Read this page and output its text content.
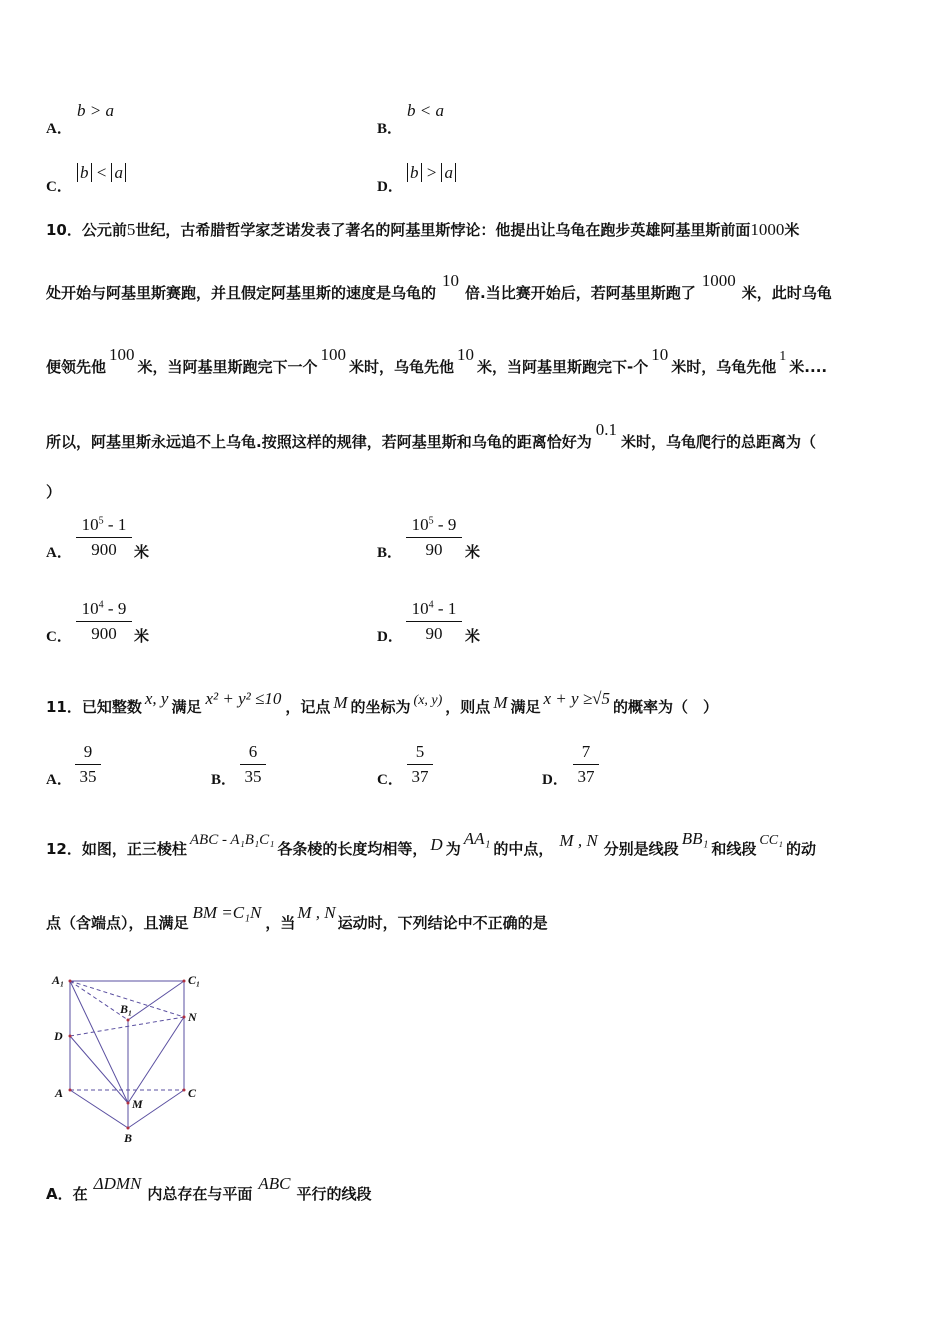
A．
b > a
B．
b < a
C．
b < a
D．
b > a
10．公元前5世纪，古希腊哲学家芝诺发表了著名的阿基里斯悖论：他提出让乌龟在跑步英雄阿基里斯前面1000米
处开始与阿基里斯赛跑，并且假定阿基里斯的速度是乌龟的10倍.当比赛开始后，若阿基里斯跑了1000米，此时乌龟
便领先他100米，当阿基里斯跑完下一个100米时，乌龟先他10米，当阿基里斯跑完下-个10米时，乌龟先他1米....
所以，阿基里斯永远追不上乌龟.按照这样的规律，若阿基里斯和乌龟的距离恰好为0.1米时，乌龟爬行的总距离为（
）
A．
$10^5 - 1$
900	米	B．
$10^5 - 9$
90	米
C．
$10^4 - 9$
900	米	D．
$10^4 - 1$
90	米
11．已知整数 x, y 满足 x² + y² ≤10 ，记点 M 的坐标为 (x, y) ，则点 M 满足 x + y ≥√5 的概率为（　）
A．
9
35	B．
6
35	C．
5
37	D．
7
37
12．如图，正三棱柱 ABC - A₁B₁C₁ 各条棱的长度均相等， D 为AA₁的中点， M , N 分别是线段BB₁和线段 CC₁ 的动
点（含端点），且满足BM =C₁N，当M , N运动时，下列结论中不正确的是
A₁	C₁
B₁
N
D
A	C
M
B
A．在ΔDMN内总存在与平面ABC平行的线段
